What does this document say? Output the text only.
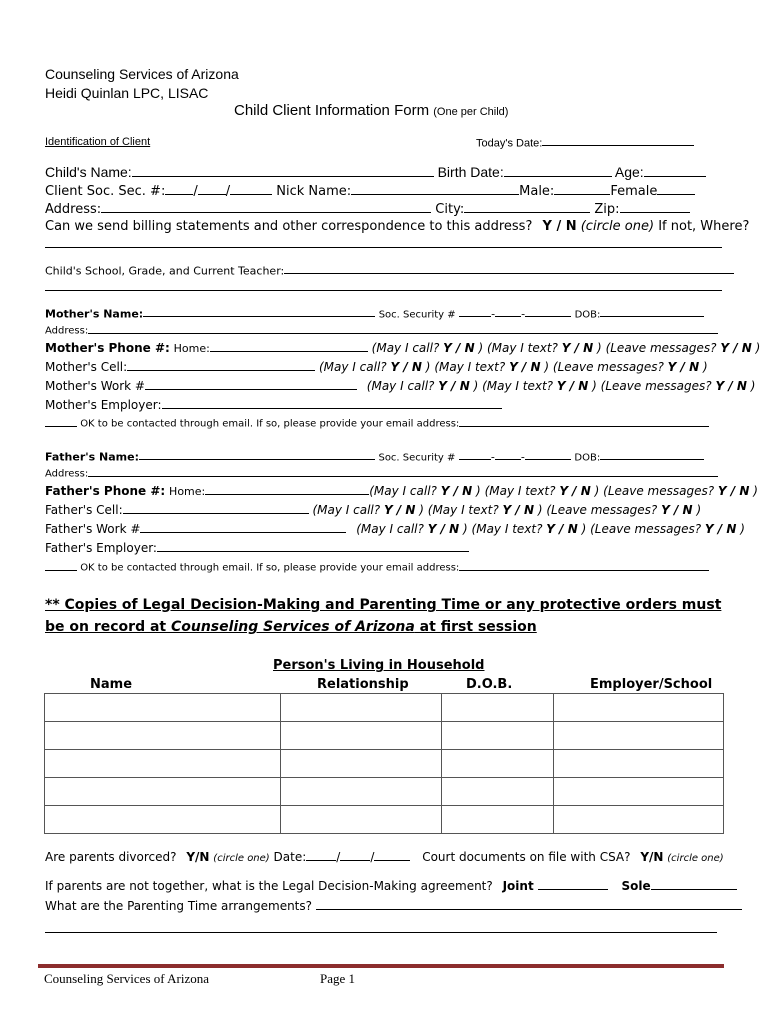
Counseling Services of Arizona
Heidi Quinlan LPC, LISAC
Child Client Information Form (One per Child)
Identification of Client	Today's Date:
Child's Name:	Birth Date:	Age:
Client Soc. Sec. #: / /	Nick Name:	Male:	Female
Address:	City:	Zip:
Can we send billing statements and other correspondence to this address? Y / N (circle one) If not, Where?
Child's School, Grade, and Current Teacher:
Mother's Name:	Soc. Security #	- -	DOB:
Address:
Mother's Phone #: Home:	(May I call? Y / N ) (May I text? Y / N ) (Leave messages? Y / N )
Mother's Cell:	(May I call? Y / N ) (May I text? Y / N ) (Leave messages? Y / N )
Mother's Work #	(May I call? Y / N ) (May I text? Y / N ) (Leave messages? Y / N )
Mother's Employer:
OK to be contacted through email. If so, please provide your email address:
Father's Name:	Soc. Security #	- -	DOB:
Address:
Father's Phone #: Home:	(May I call? Y / N ) (May I text? Y / N ) (Leave messages? Y / N )
Father's Cell:	(May I call? Y / N ) (May I text? Y / N ) (Leave messages? Y / N )
Father's Work #	(May I call? Y / N ) (May I text? Y / N ) (Leave messages? Y / N )
Father's Employer:
OK to be contacted through email. If so, please provide your email address:
** Copies of Legal Decision-Making and Parenting Time or any protective orders must
be on record at Counseling Services of Arizona at first session
Person's Living in Household
Name	Relationship	D.O.B.	Employer/School

Are parents divorced? Y/N (circle one) Date:	/	/	Court documents on file with CSA? Y/N (circle one)
If parents are not together, what is the Legal Decision-Making agreement? Joint	Sole
What are the Parenting Time arrangements?
Counseling Services of Arizona	Page 1
